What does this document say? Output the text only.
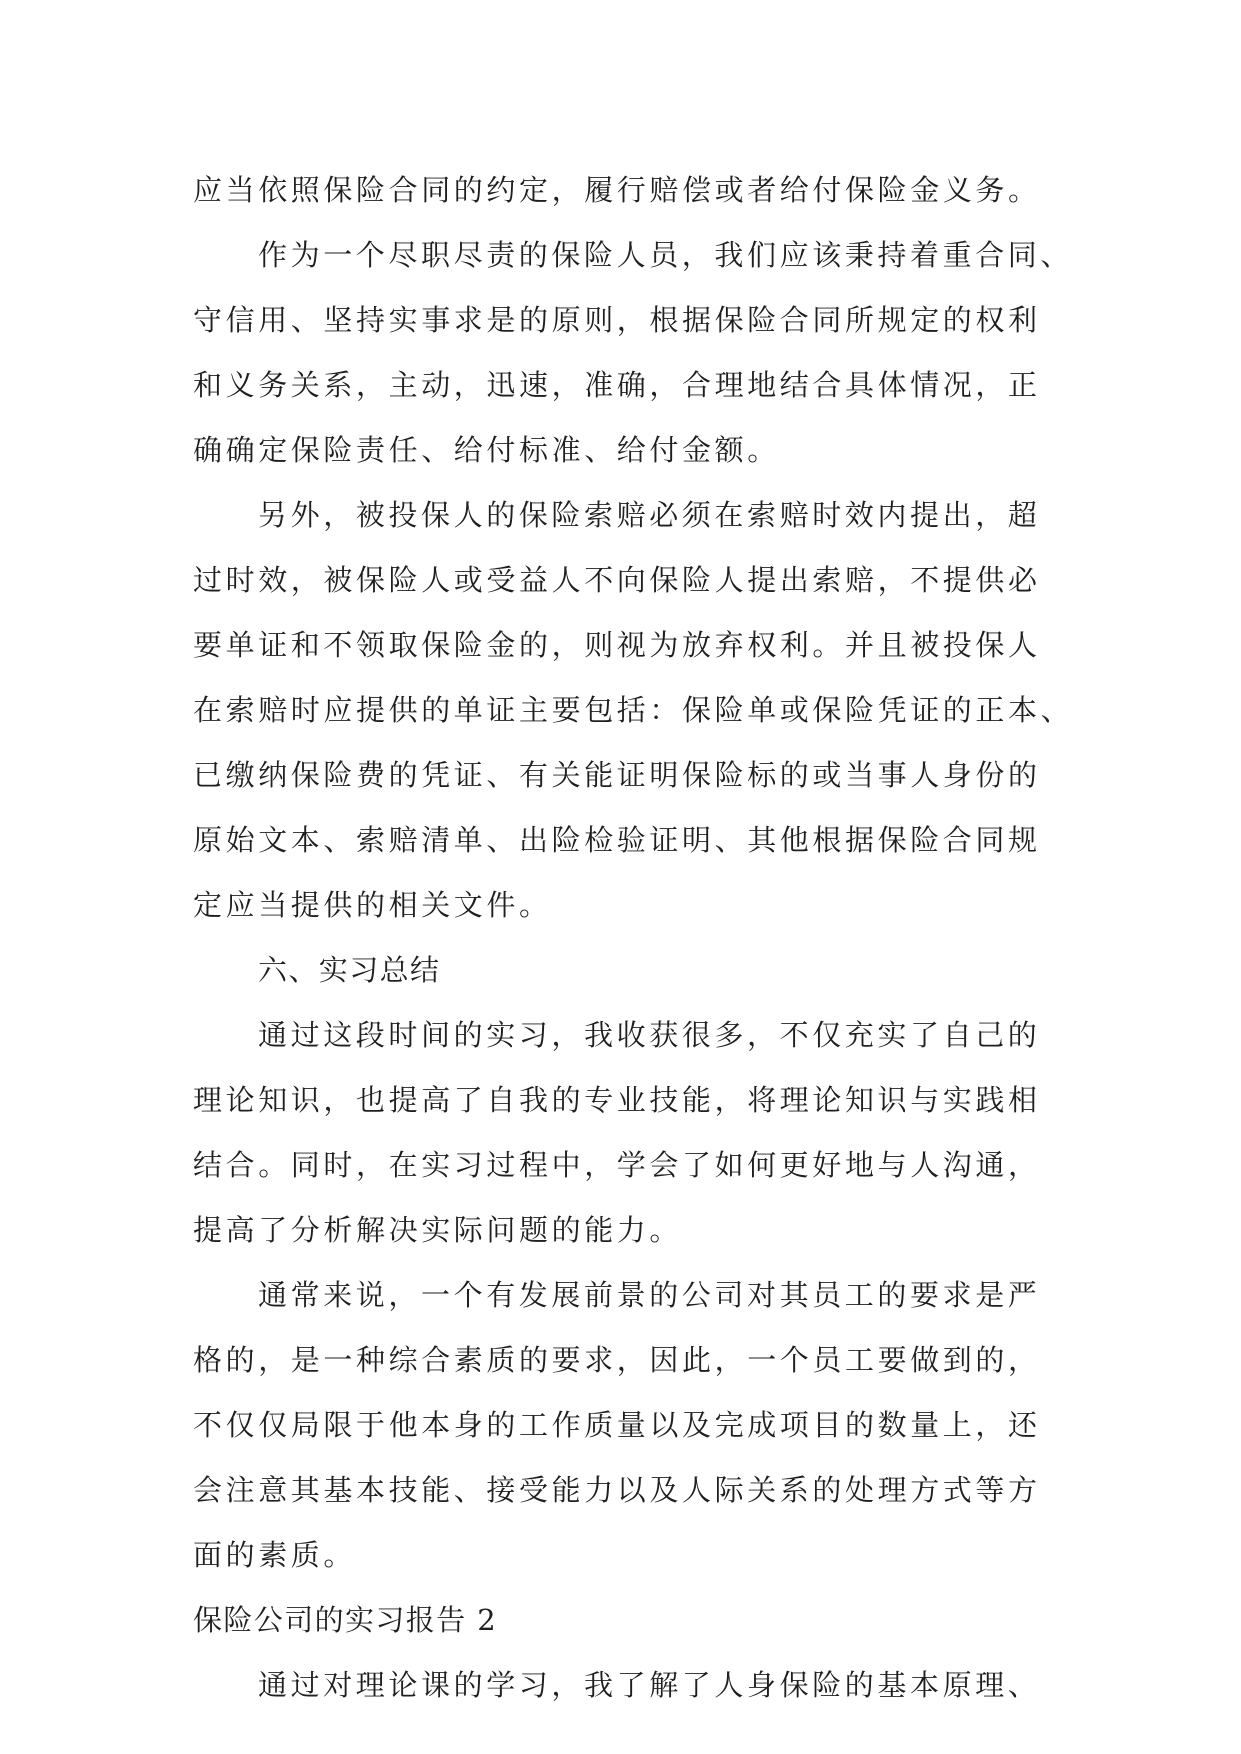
应当依照保险合同的约定，履行赔偿或者给付保险金义务。
作为一个尽职尽责的保险人员，我们应该秉持着重合同、
守信用、坚持实事求是的原则，根据保险合同所规定的权利
和义务关系，主动，迅速，准确，合理地结合具体情况，正
确确定保险责任、给付标准、给付金额。
另外，被投保人的保险索赔必须在索赔时效内提出，超
过时效，被保险人或受益人不向保险人提出索赔，不提供必
要单证和不领取保险金的，则视为放弃权利。并且被投保人
在索赔时应提供的单证主要包括：保险单或保险凭证的正本、
已缴纳保险费的凭证、有关能证明保险标的或当事人身份的
原始文本、索赔清单、出险检验证明、其他根据保险合同规
定应当提供的相关文件。
六、实习总结
通过这段时间的实习，我收获很多，不仅充实了自己的
理论知识，也提高了自我的专业技能，将理论知识与实践相
结合。同时，在实习过程中，学会了如何更好地与人沟通，
提高了分析解决实际问题的能力。
通常来说，一个有发展前景的公司对其员工的要求是严
格的，是一种综合素质的要求，因此，一个员工要做到的，
不仅仅局限于他本身的工作质量以及完成项目的数量上，还
会注意其基本技能、接受能力以及人际关系的处理方式等方
面的素质。
保险公司的实习报告 2
通过对理论课的学习，我了解了人身保险的基本原理、
